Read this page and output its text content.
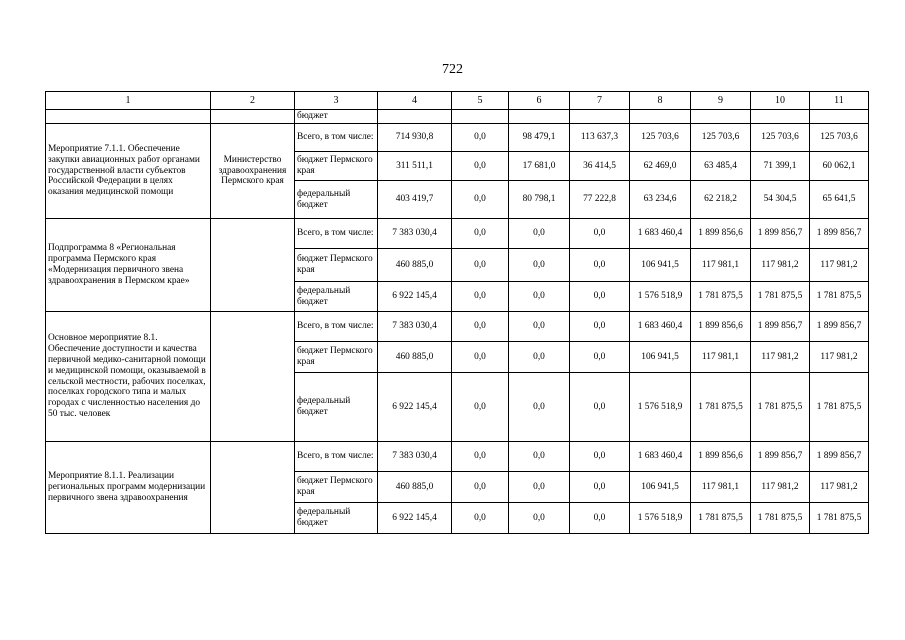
722
1	2	3	4	5	6	7	8	9	10	11
		бюджет								
Мероприятие 7.1.1. Обеспечение закупки авиационных работ органами государственной власти субъектов Российской Федерации в целях оказания медицинской помощи	Министерство здравоохранения Пермского края	Всего, в том числе:	714 930,8	0,0	98 479,1	113 637,3	125 703,6	125 703,6	125 703,6	125 703,6
		бюджет Пермского края	311 511,1	0,0	17 681,0	36 414,5	62 469,0	63 485,4	71 399,1	60 062,1
		федеральный бюджет	403 419,7	0,0	80 798,1	77 222,8	63 234,6	62 218,2	54 304,5	65 641,5
Подпрограмма 8 «Региональная программа Пермского края «Модернизация первичного звена здравоохранения в Пермском крае»		Всего, в том числе:	7 383 030,4	0,0	0,0	0,0	1 683 460,4	1 899 856,6	1 899 856,7	1 899 856,7
		бюджет Пермского края	460 885,0	0,0	0,0	0,0	106 941,5	117 981,1	117 981,2	117 981,2
		федеральный бюджет	6 922 145,4	0,0	0,0	0,0	1 576 518,9	1 781 875,5	1 781 875,5	1 781 875,5
Основное мероприятие 8.1. Обеспечение доступности и качества первичной медико-санитарной помощи и медицинской помощи, оказываемой в сельской местности, рабочих поселках, поселках городского типа и малых городах с численностью населения до 50 тыс. человек		Всего, в том числе:	7 383 030,4	0,0	0,0	0,0	1 683 460,4	1 899 856,6	1 899 856,7	1 899 856,7
		бюджет Пермского края	460 885,0	0,0	0,0	0,0	106 941,5	117 981,1	117 981,2	117 981,2
		федеральный бюджет	6 922 145,4	0,0	0,0	0,0	1 576 518,9	1 781 875,5	1 781 875,5	1 781 875,5
Мероприятие 8.1.1. Реализации региональных программ модернизации первичного звена здравоохранения		Всего, в том числе:	7 383 030,4	0,0	0,0	0,0	1 683 460,4	1 899 856,6	1 899 856,7	1 899 856,7
		бюджет Пермского края	460 885,0	0,0	0,0	0,0	106 941,5	117 981,1	117 981,2	117 981,2
		федеральный бюджет	6 922 145,4	0,0	0,0	0,0	1 576 518,9	1 781 875,5	1 781 875,5	1 781 875,5
